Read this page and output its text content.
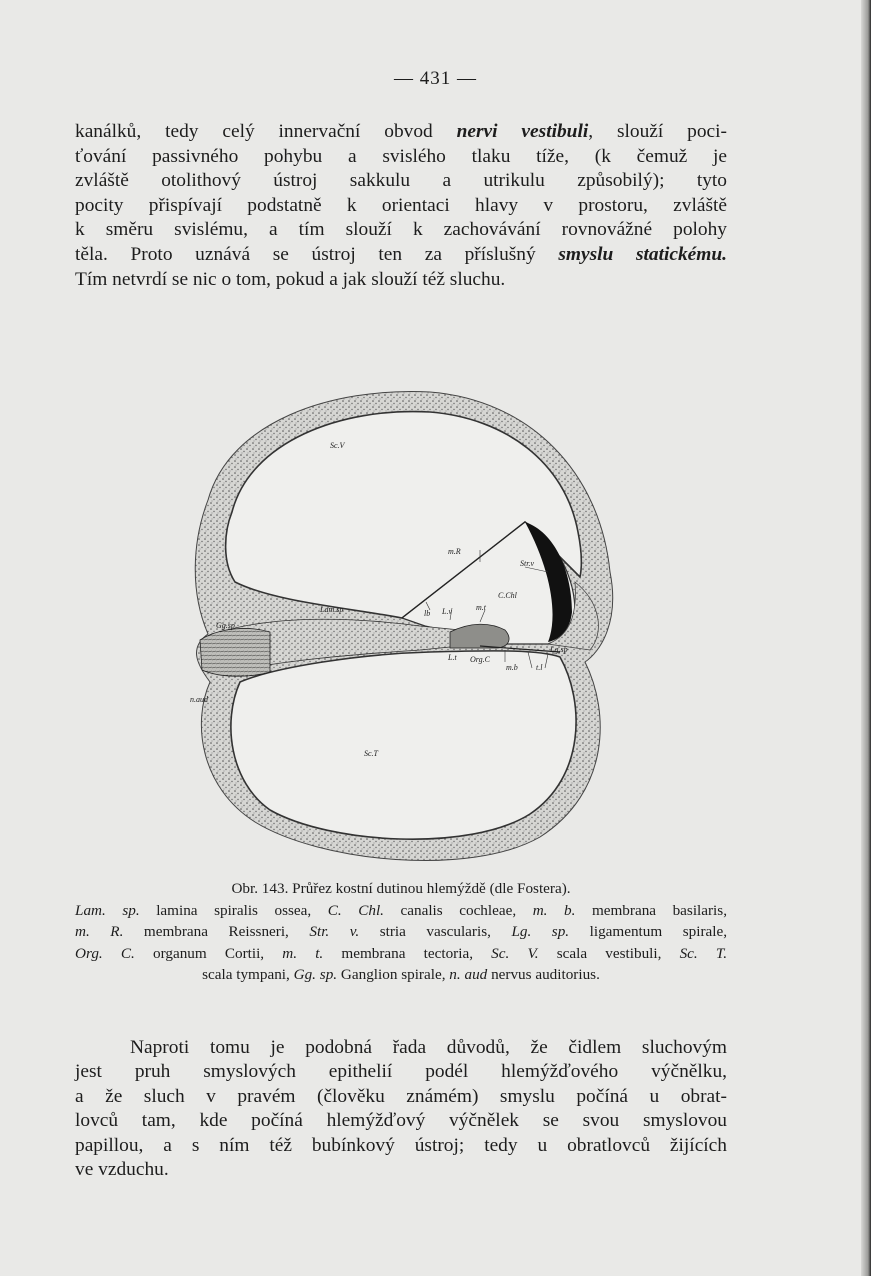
— 431 —
kanálků, tedy celý innervační obvod nervi vestibuli, slouží poci-
ťování passivného pohybu a svislého tlaku tíže, (k čemuž je
zvláště otolithový ústroj sakkulu a utrikulu způsobilý); tyto
pocity přispívají podstatně k orientaci hlavy v prostoru, zvláště
k směru svislému, a tím slouží k zachovávání rovnovážné polohy
těla. Proto uznává se ústroj ten za příslušný smyslu statickému.
Tím netvrdí se nic o tom, pokud a jak slouží též sluchu.
Sc.V
m.R
Str.v
C.Chl
Lam.sp	lb L.v	m.t
Gg.sp
Lg.sp
L.t Org.C
m.b t.l
n.aud
Sc.T
Obr. 143. Průřez kostní dutinou hlemýždě (dle Fostera).
Lam. sp. lamina spiralis ossea, C. Chl. canalis cochleae, m. b. membrana basilaris,
m. R. membrana Reissneri, Str. v. stria vascularis, Lg. sp. ligamentum spirale,
Org. C. organum Cortii, m. t. membrana tectoria, Sc. V. scala vestibuli, Sc. T.
scala tympani, Gg. sp. Ganglion spirale, n. aud nervus auditorius.
Naproti tomu je podobná řada důvodů, že čidlem sluchovým
jest pruh smyslových epithelií podél hlemýžďového výčnělku,
a že sluch v pravém (člověku známém) smyslu počíná u obrat-
lovců tam, kde počíná hlemýžďový výčnělek se svou smyslovou
papillou, a s ním též bubínkový ústroj; tedy u obratlovců žijících
ve vzduchu.
